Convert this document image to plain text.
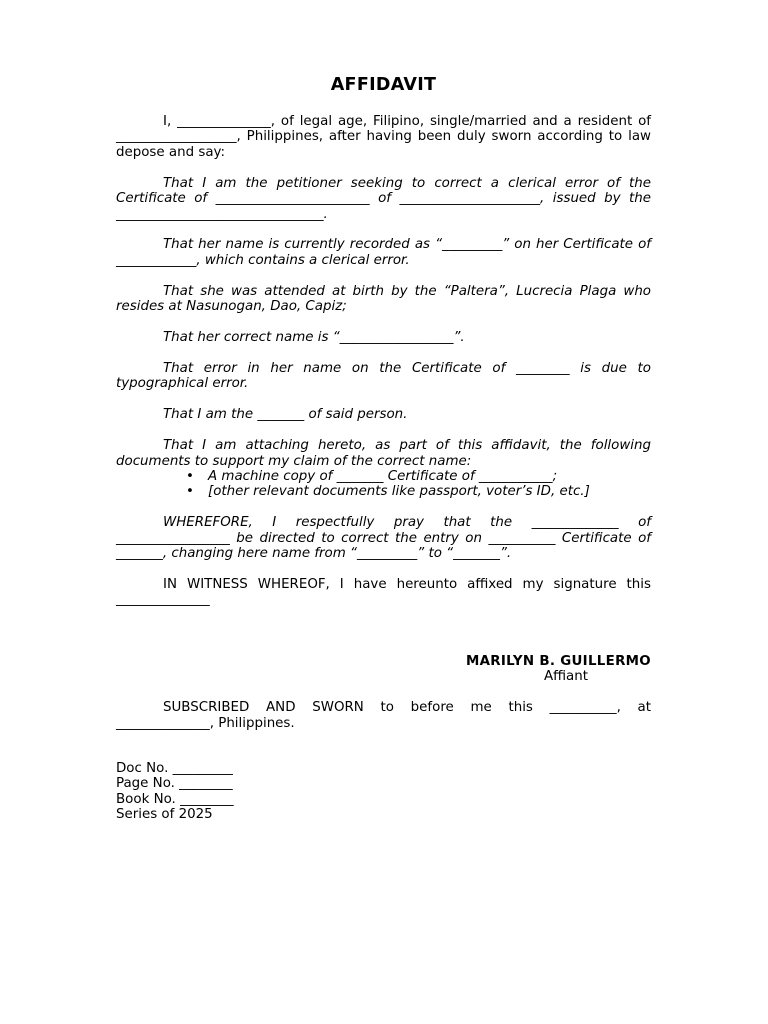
AFFIDAVIT

I, ______________, of legal age, Filipino, single/married and a resident of __________________, Philippines, after having been duly sworn according to law depose and say:

That I am the petitioner seeking to correct a clerical error of the Certificate of _______________________ of _____________________, issued by the _______________________________.

That her name is currently recorded as “_________” on her Certificate of ____________, which contains a clerical error.

That she was attended at birth by the “Paltera”, Lucrecia Plaga who resides at Nasunogan, Dao, Capiz;

That her correct name is “_________________”.

That error in her name on the Certificate of ________ is due to typographical error.

That I am the _______ of said person.

That I am attaching hereto, as part of this affidavit, the following documents to support my claim of the correct name:

• A machine copy of _______ Certificate of ___________;
• [other relevant documents like passport, voter’s ID, etc.]

WHEREFORE, I respectfully pray that the _____________ of _________________ be directed to correct the entry on __________ Certificate of _______, changing here name from “_________” to “_______”.

IN WITNESS WHEREOF, I have hereunto affixed my signature this ______________

MARILYN B. GUILLERMO
Affiant

SUBSCRIBED AND SWORN to before me this __________, at ______________, Philippines.

Doc No. _________
Page No. ________
Book No. ________
Series of 2025
